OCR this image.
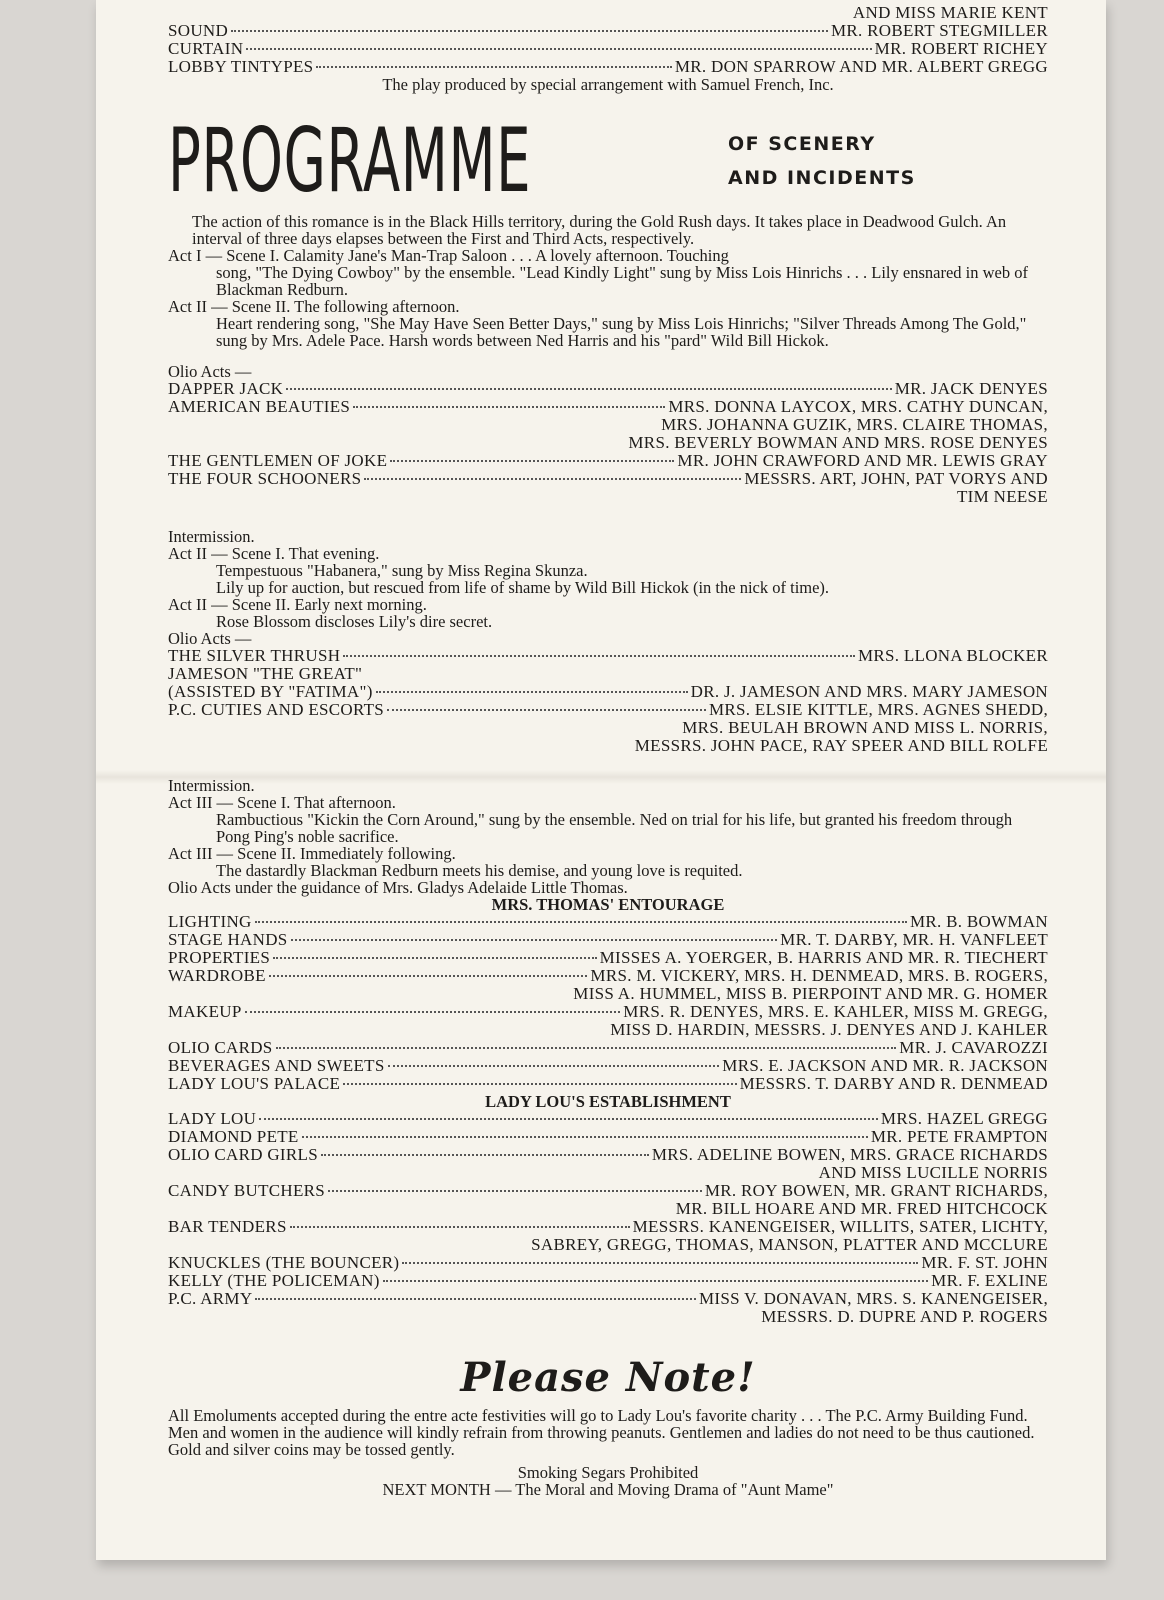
AND MISS MARIE KENT
SOUND	MR. ROBERT STEGMILLER
CURTAIN	MR. ROBERT RICHEY
LOBBY TINTYPES	MR. DON SPARROW AND MR. ALBERT GREGG

The play produced by special arrangement with Samuel French, Inc.

PROGRAMME	OF SCENERY
AND INCIDENTS

The action of this romance is in the Black Hills territory, during the Gold Rush days. It takes place in Deadwood Gulch. An interval of three days elapses between the First and Third Acts, respectively.

Act I — Scene I. Calamity Jane's Man-Trap Saloon . . . A lovely afternoon. Touching

song, "The Dying Cowboy" by the ensemble. "Lead Kindly Light" sung by Miss Lois Hinrichs . . . Lily ensnared in web of Blackman Redburn.

Act II — Scene II. The following afternoon.

Heart rendering song, "She May Have Seen Better Days," sung by Miss Lois Hinrichs; "Silver Threads Among The Gold," sung by Mrs. Adele Pace. Harsh words between Ned Harris and his "pard" Wild Bill Hickok.

Olio Acts —

DAPPER JACK	MR. JACK DENYES
AMERICAN BEAUTIES	MRS. DONNA LAYCOX, MRS. CATHY DUNCAN,
MRS. JOHANNA GUZIK, MRS. CLAIRE THOMAS,
MRS. BEVERLY BOWMAN AND MRS. ROSE DENYES
THE GENTLEMEN OF JOKE	MR. JOHN CRAWFORD AND MR. LEWIS GRAY
THE FOUR SCHOONERS	MESSRS. ART, JOHN, PAT VORYS AND
TIM NEESE

Intermission.

Act II — Scene I. That evening.

Tempestuous "Habanera," sung by Miss Regina Skunza.

Lily up for auction, but rescued from life of shame by Wild Bill Hickok (in the nick of time).

Act II — Scene II. Early next morning.

Rose Blossom discloses Lily's dire secret.

Olio Acts —

THE SILVER THRUSH	MRS. LLONA BLOCKER
JAMESON "THE GREAT"
(ASSISTED BY "FATIMA")	DR. J. JAMESON AND MRS. MARY JAMESON
P.C. CUTIES AND ESCORTS	MRS. ELSIE KITTLE, MRS. AGNES SHEDD,
MRS. BEULAH BROWN AND MISS L. NORRIS,
MESSRS. JOHN PACE, RAY SPEER AND BILL ROLFE

Intermission.

Act III — Scene I. That afternoon.

Rambuctious "Kickin the Corn Around," sung by the ensemble. Ned on trial for his life, but granted his freedom through Pong Ping's noble sacrifice.

Act III — Scene II. Immediately following.

The dastardly Blackman Redburn meets his demise, and young love is requited.

Olio Acts under the guidance of Mrs. Gladys Adelaide Little Thomas.

MRS. THOMAS' ENTOURAGE

LIGHTING	MR. B. BOWMAN
STAGE HANDS	MR. T. DARBY, MR. H. VANFLEET
PROPERTIES	MISSES A. YOERGER, B. HARRIS AND MR. R. TIECHERT
WARDROBE	MRS. M. VICKERY, MRS. H. DENMEAD, MRS. B. ROGERS,
MISS A. HUMMEL, MISS B. PIERPOINT AND MR. G. HOMER
MAKEUP	MRS. R. DENYES, MRS. E. KAHLER, MISS M. GREGG,
MISS D. HARDIN, MESSRS. J. DENYES AND J. KAHLER
OLIO CARDS	MR. J. CAVAROZZI
BEVERAGES AND SWEETS	MRS. E. JACKSON AND MR. R. JACKSON
LADY LOU'S PALACE	MESSRS. T. DARBY AND R. DENMEAD

LADY LOU'S ESTABLISHMENT

LADY LOU	MRS. HAZEL GREGG
DIAMOND PETE	MR. PETE FRAMPTON
OLIO CARD GIRLS	MRS. ADELINE BOWEN, MRS. GRACE RICHARDS
AND MISS LUCILLE NORRIS
CANDY BUTCHERS	MR. ROY BOWEN, MR. GRANT RICHARDS,
MR. BILL HOARE AND MR. FRED HITCHCOCK
BAR TENDERS	MESSRS. KANENGEISER, WILLITS, SATER, LICHTY,
SABREY, GREGG, THOMAS, MANSON, PLATTER AND MCCLURE
KNUCKLES (THE BOUNCER)	MR. F. ST. JOHN
KELLY (THE POLICEMAN)	MR. F. EXLINE
P.C. ARMY	MISS V. DONAVAN, MRS. S. KANENGEISER,
MESSRS. D. DUPRE AND P. ROGERS
Please Note!

All Emoluments accepted during the entre acte festivities will go to Lady Lou's favorite charity . . . The P.C. Army Building Fund.

Men and women in the audience will kindly refrain from throwing peanuts. Gentlemen and ladies do not need to be thus cautioned. Gold and silver coins may be tossed gently.

Smoking Segars Prohibited

NEXT MONTH — The Moral and Moving Drama of "Aunt Mame"
